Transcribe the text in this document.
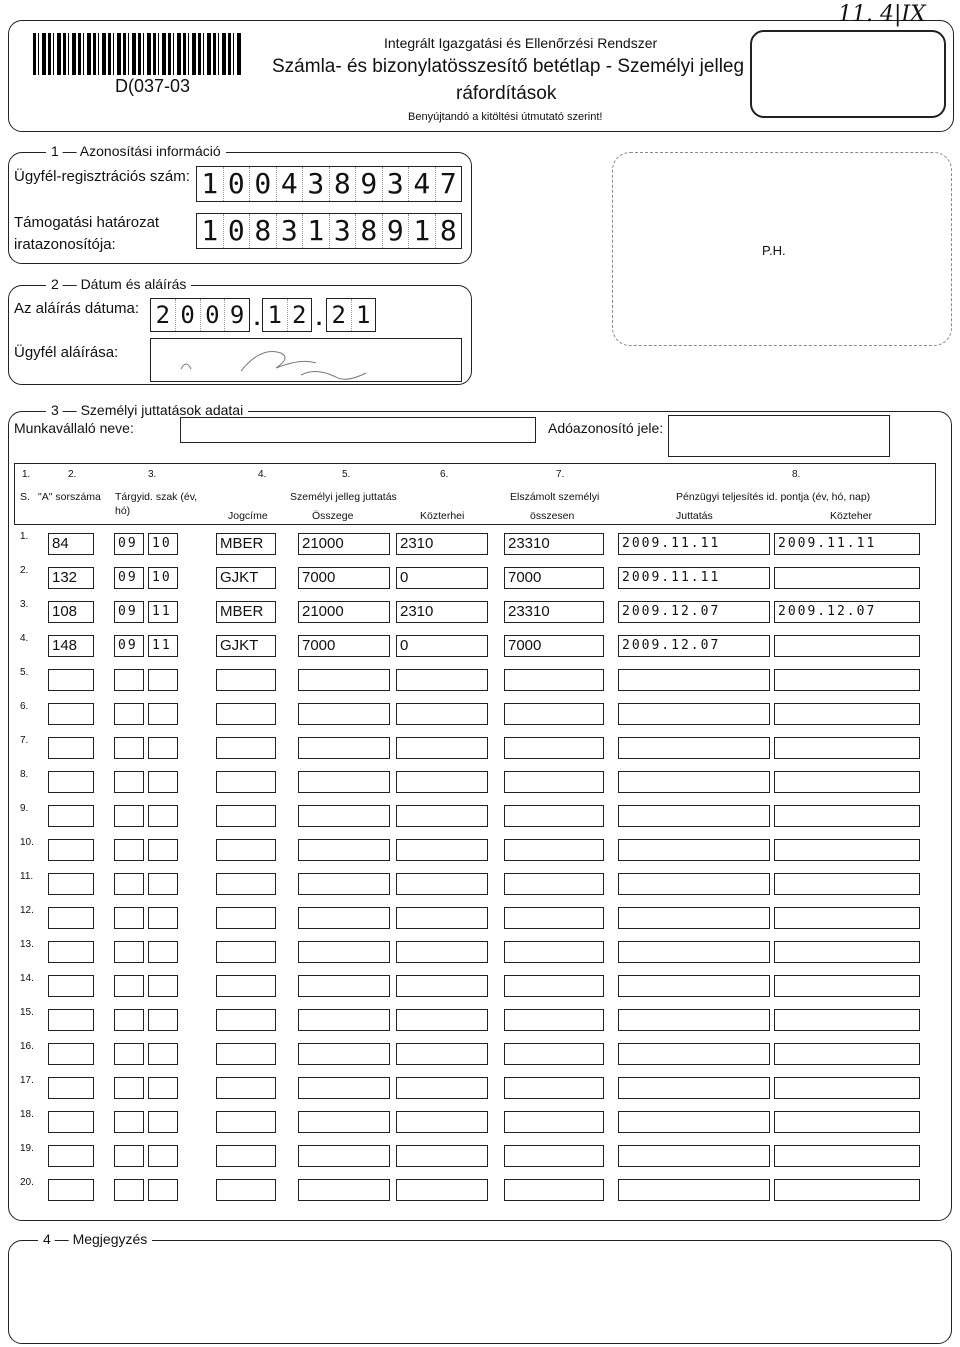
D(037-03
Integrált Igazgatási és Ellenőrzési Rendszer
Számla- és bizonylatösszesítő betétlap - Személyi jelleg
ráfordítások
Benyújtandó a kitöltési útmutató szerint!
11. 4|IX
1 — Azonosítási információ
Ügyfél-regisztrációs szám: 1 0 0 4 3 8 9 3 4 7
Támogatási határozat
iratazonosítója:	1 0 8 3 1 3 8 9 1 8
P.H.
2 — Dátum és aláírás
Az aláírás dátuma: 2 0 0 9 . 1 2 . 2 1
Ügyfél aláírása:
3 — Személyi juttatások adatai
Munkavállaló neve:	Adóazonosító jele:
1.	2.	3.	4.	5.	6.	7.	8.
S. "A" sorszáma Tárgyid. szak (év,
hó)	Jogcíme
Személyi jelleg juttatás
Összege	Közterhei
Elszámolt személyi
összesen
Pénzügyi teljesítés id. pontja (év, hó, nap)
Juttatás	Közteher
1.	84	09	10	MBER	21000	2310	23310	2009.11.11	2009.11.11
2.	132	09	10	GJKT	7000	0	7000	2009.11.11
3.	108	09	11	MBER	21000	2310	23310	2009.12.07	2009.12.07
4.	148	09	11	GJKT	7000	0	7000	2009.12.07
5.
6.
7.
8.
9.
10.
11.
12.
13.
14.
15.
16.
17.
18.
19.
20.
4 — Megjegyzés
